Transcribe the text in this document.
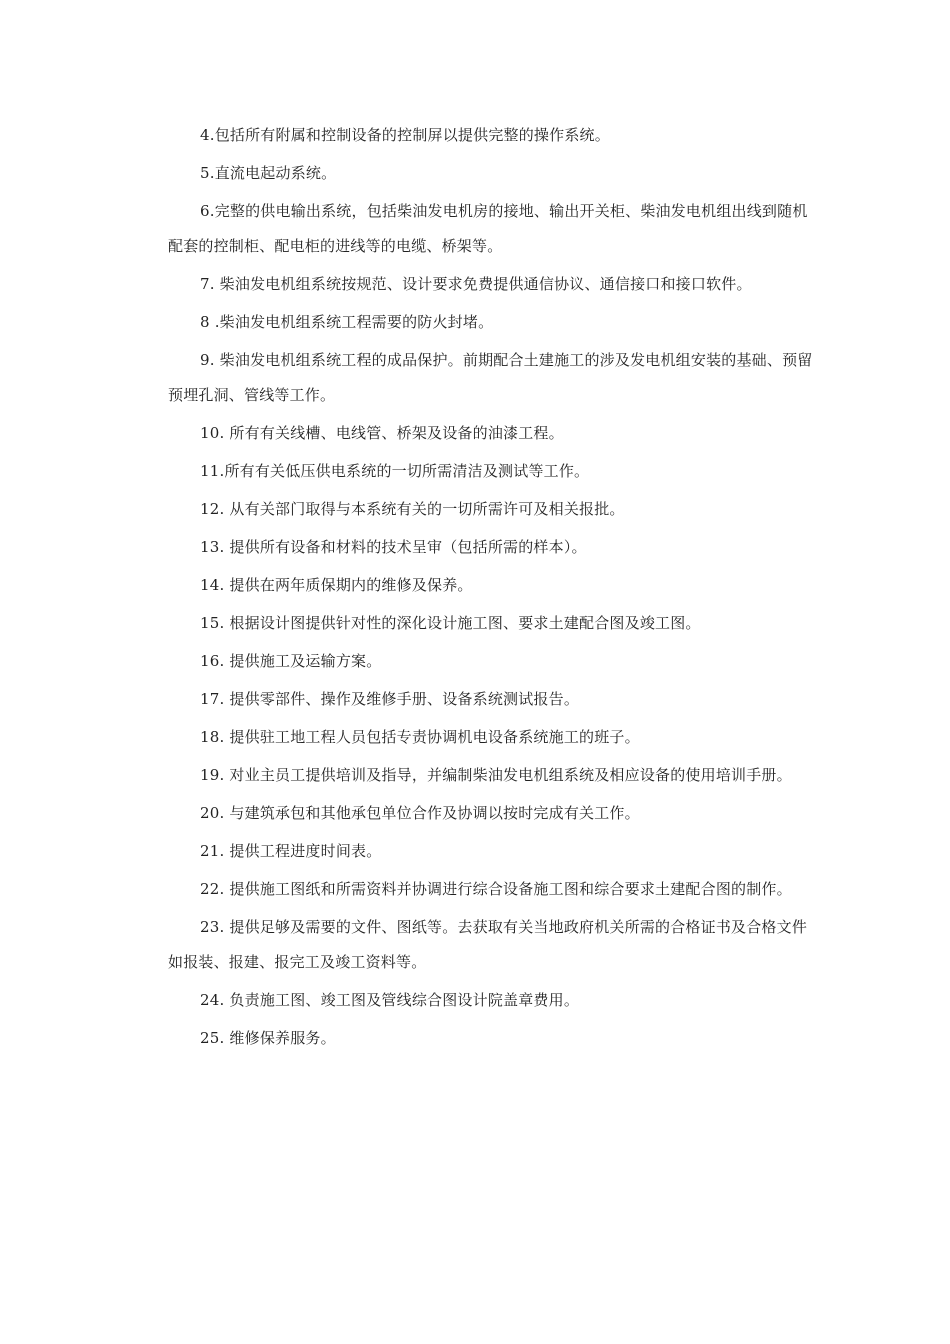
4.包括所有附属和控制设备的控制屏以提供完整的操作系统。

5.直流电起动系统。

6.完整的供电输出系统，包括柴油发电机房的接地、输出开关柜、柴油发电机组出线到随机配套的控制柜、配电柜的进线等的电缆、桥架等。

7. 柴油发电机组系统按规范、设计要求免费提供通信协议、通信接口和接口软件。

8 .柴油发电机组系统工程需要的防火封堵。

9. 柴油发电机组系统工程的成品保护。前期配合土建施工的涉及发电机组安装的基础、预留预埋孔洞、管线等工作。

10. 所有有关线槽、电线管、桥架及设备的油漆工程。

11.所有有关低压供电系统的一切所需清洁及测试等工作。

12. 从有关部门取得与本系统有关的一切所需许可及相关报批。

13. 提供所有设备和材料的技术呈审（包括所需的样本）。

14. 提供在两年质保期内的维修及保养。

15. 根据设计图提供针对性的深化设计施工图、要求土建配合图及竣工图。

16. 提供施工及运输方案。

17. 提供零部件、操作及维修手册、设备系统测试报告。

18. 提供驻工地工程人员包括专责协调机电设备系统施工的班子。

19. 对业主员工提供培训及指导，并编制柴油发电机组系统及相应设备的使用培训手册。

20. 与建筑承包和其他承包单位合作及协调以按时完成有关工作。

21. 提供工程进度时间表。

22. 提供施工图纸和所需资料并协调进行综合设备施工图和综合要求土建配合图的制作。

23. 提供足够及需要的文件、图纸等。去获取有关当地政府机关所需的合格证书及合格文件如报装、报建、报完工及竣工资料等。

24. 负责施工图、竣工图及管线综合图设计院盖章费用。

25. 维修保养服务。
